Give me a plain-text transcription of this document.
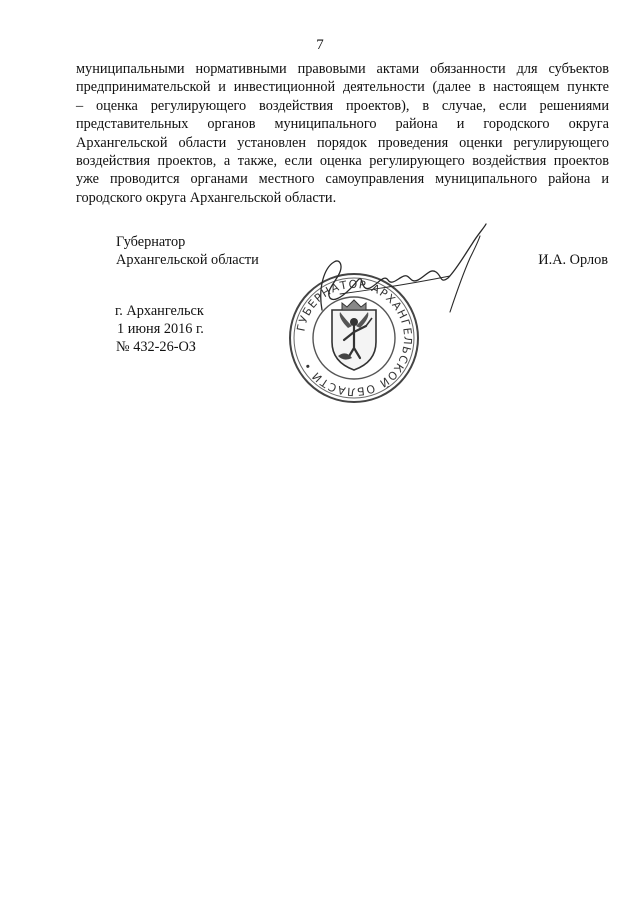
7

муниципальными нормативными правовыми актами обязанности для субъектов
предпринимательской и инвестиционной деятельности (далее в настоящем пункте
– оценка регулирующего воздействия проектов), в случае, если решениями
представительных органов муниципального района и городского округа
Архангельской области установлен порядок проведения оценки регулирующего
воздействия проектов, а также, если оценка регулирующего воздействия проектов
уже проводится органами местного самоуправления муниципального района и
городского округа Архангельской области.

Губернатор
Архангельской области	И.А. Орлов
ГУБЕРНАТОР АРХАНГЕЛЬСКОЙ ОБЛАСТИ •
г. Архангельск
1 июня 2016 г.
№ 432-26-ОЗ
